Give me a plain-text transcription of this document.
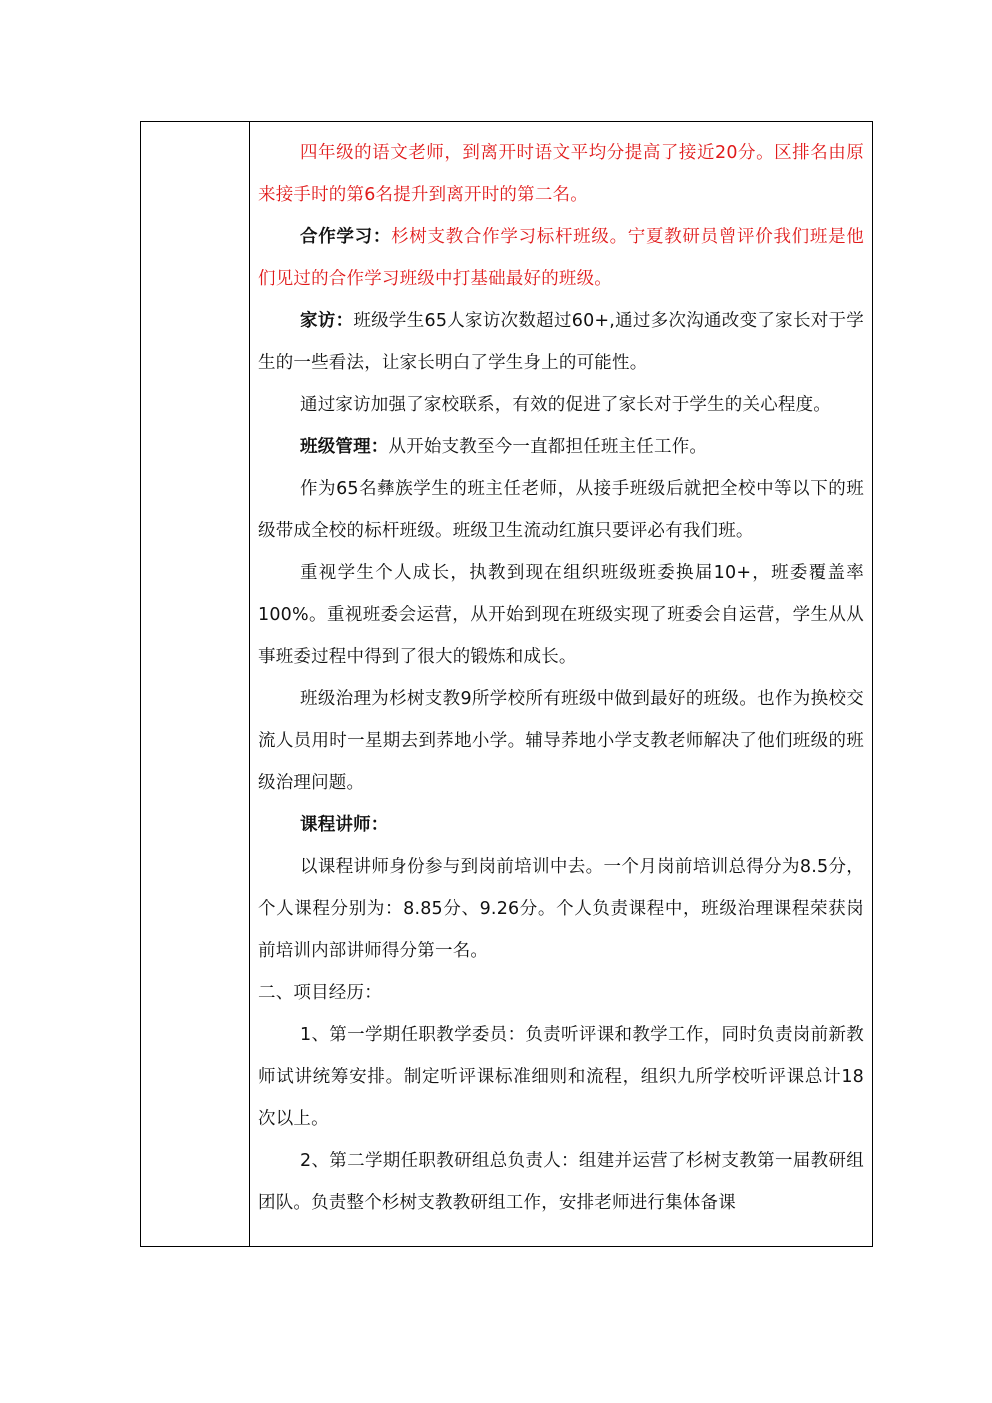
四年级的语文老师，到离开时语文平均分提高了接近20分。区排名由原来接手时的第6名提升到离开时的第二名。

合作学习：杉树支教合作学习标杆班级。宁夏教研员曾评价我们班是他们见过的合作学习班级中打基础最好的班级。

家访：班级学生65人家访次数超过60+,通过多次沟通改变了家长对于学生的一些看法，让家长明白了学生身上的可能性。

通过家访加强了家校联系，有效的促进了家长对于学生的关心程度。

班级管理：从开始支教至今一直都担任班主任工作。

作为65名彝族学生的班主任老师，从接手班级后就把全校中等以下的班级带成全校的标杆班级。班级卫生流动红旗只要评必有我们班。

重视学生个人成长，执教到现在组织班级班委换届10+，班委覆盖率100%。重视班委会运营，从开始到现在班级实现了班委会自运营，学生从从事班委过程中得到了很大的锻炼和成长。

班级治理为杉树支教9所学校所有班级中做到最好的班级。也作为换校交流人员用时一星期去到荞地小学。辅导荞地小学支教老师解决了他们班级的班级治理问题。

课程讲师：

以课程讲师身份参与到岗前培训中去。一个月岗前培训总得分为8.5分，个人课程分别为：8.85分、9.26分。个人负责课程中，班级治理课程荣获岗前培训内部讲师得分第一名。

二、项目经历：

1、第一学期任职教学委员：负责听评课和教学工作，同时负责岗前新教师试讲统筹安排。制定听评课标准细则和流程，组织九所学校听评课总计18次以上。

2、第二学期任职教研组总负责人：组建并运营了杉树支教第一届教研组团队。负责整个杉树支教教研组工作，安排老师进行集体备课
